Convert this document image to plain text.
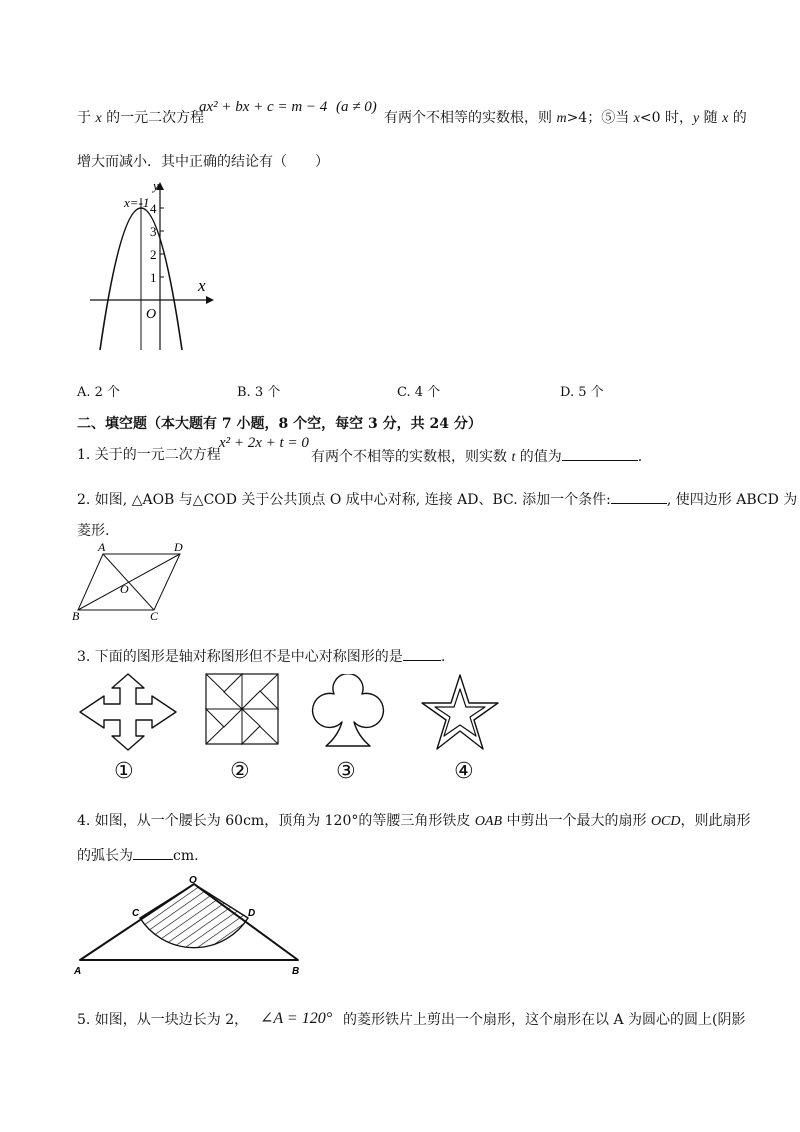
于 x 的一元二次方程
ax² + bx + c = m − 4 (a ≠ 0)
有两个不相等的实数根，则 m>4；⑤当 x<0 时，y 随 x 的
增大而减小．其中正确的结论有（　　）
x
y
O
x=-1 4
3
2
1
A. 2 个	B. 3 个	C. 4 个	D. 5 个
二、填空题（本大题有 7 小题，8 个空，每空 3 分，共 24 分）
1. 关于的一元二次方程
x² + 2x + t = 0
有两个不相等的实数根，则实数 t 的值为	.
2. 如图, △AOB 与△COD 关于公共顶点 O 成中心对称, 连接 AD、BC. 添加一个条件:	, 使四边形 ABCD 为
菱形.
A	D
O
B	C
3. 下面的图形是轴对称图形但不是中心对称图形的是	.
①	②	③	④
4. 如图，从一个腰长为 60cm，顶角为 120°的等腰三角形铁皮 OAB 中剪出一个最大的扇形 OCD，则此扇形
的弧长为	cm.
O
C	D
A	B
5. 如图，从一块边长为 2， ∠A = 120° 的菱形铁片上剪出一个扇形，这个扇形在以 A 为圆心的圆上(阴影
